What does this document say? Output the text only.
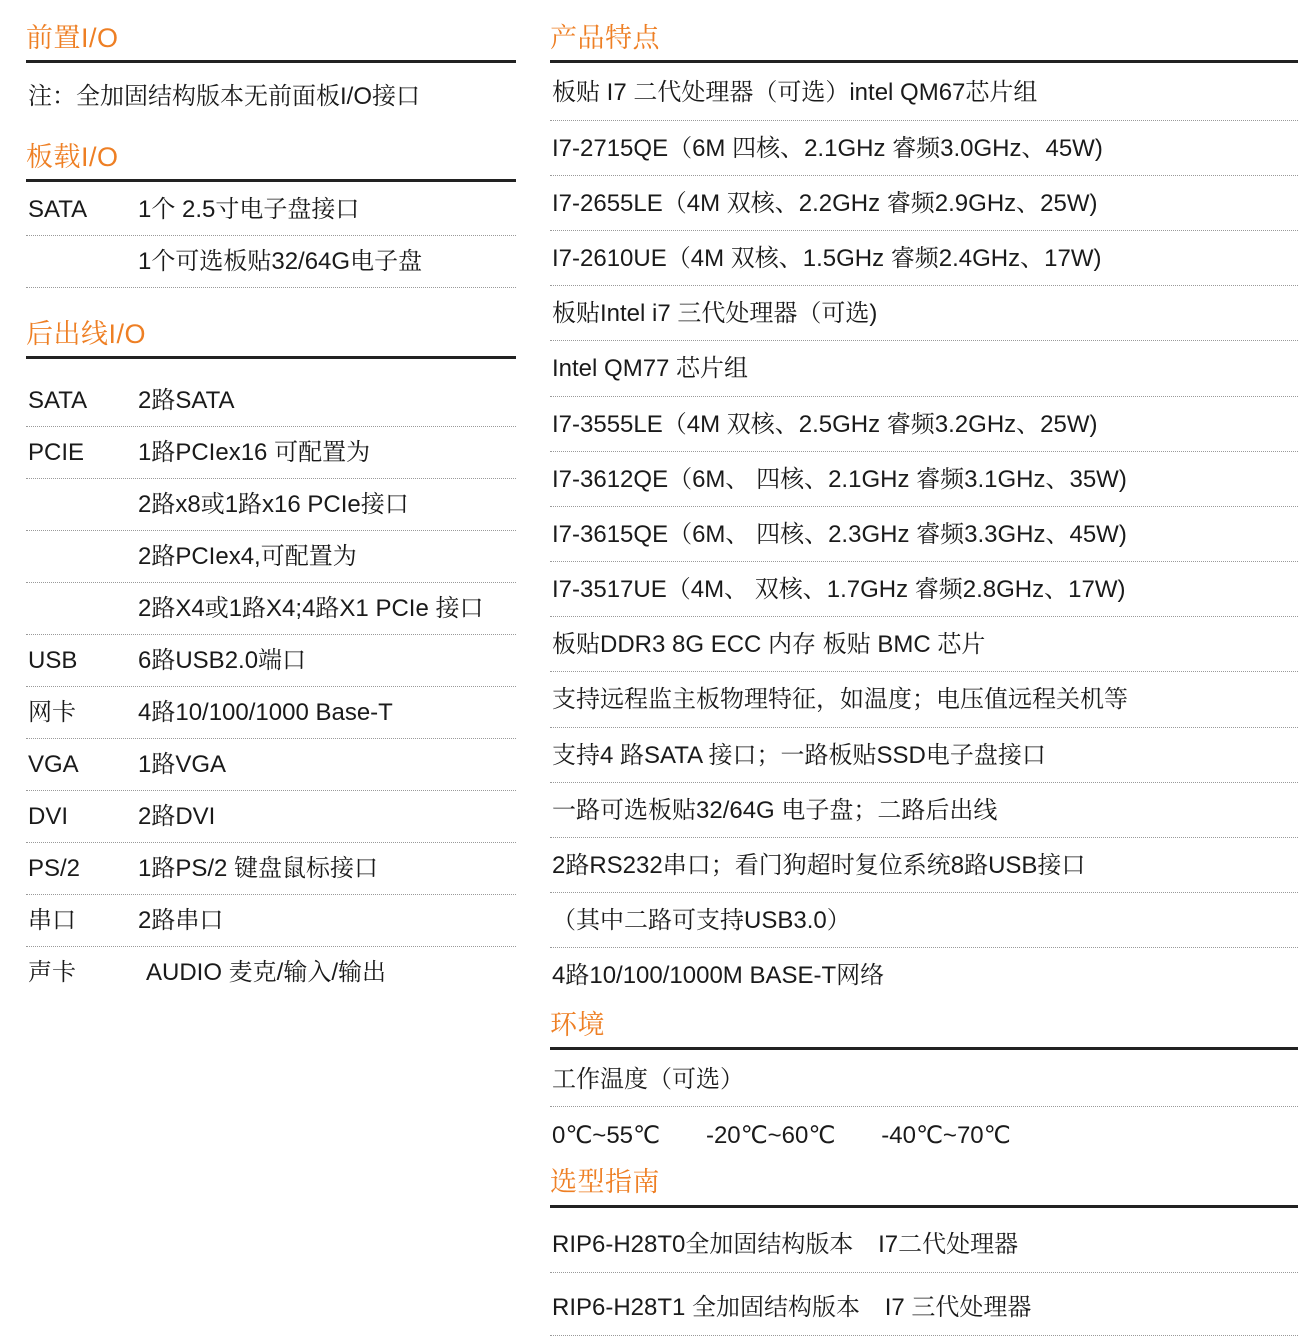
前置I/O
注：全加固结构版本无前面板I/O接口
板载I/O
SATA	1个 2.5寸电子盘接口
1个可选板贴32/64G电子盘
后出线I/O
SATA	2路SATA
PCIE	1路PCIex16 可配置为
2路x8或1路x16 PCIe接口
2路PCIex4,可配置为
2路X4或1路X4;4路X1 PCIe 接口
USB	6路USB2.0端口
网卡	4路10/100/1000 Base-T
VGA	1路VGA
DVI	2路DVI
PS/2	1路PS/2 键盘鼠标接口
串口	2路串口
声卡	AUDIO 麦克/输入/输出
产品特点
板贴 I7 二代处理器（可选）intel QM67芯片组
I7-2715QE（6M 四核、2.1GHz 睿频3.0GHz、45W)
I7-2655LE（4M 双核、2.2GHz 睿频2.9GHz、25W)
I7-2610UE（4M 双核、1.5GHz 睿频2.4GHz、17W)
板贴Intel i7 三代处理器（可选)
Intel QM77 芯片组
I7-3555LE（4M 双核、2.5GHz 睿频3.2GHz、25W)
I7-3612QE（6M、 四核、2.1GHz 睿频3.1GHz、35W)
I7-3615QE（6M、 四核、2.3GHz 睿频3.3GHz、45W)
I7-3517UE（4M、 双核、1.7GHz 睿频2.8GHz、17W)
板贴DDR3 8G ECC 内存 板贴 BMC 芯片
支持远程监主板物理特征，如温度；电压值远程关机等
支持4 路SATA 接口；一路板贴SSD电子盘接口
一路可选板贴32/64G 电子盘；二路后出线
2路RS232串口；看门狗超时复位系统8路USB接口
（其中二路可支持USB3.0）
4路10/100/1000M BASE-T网络
环境
工作温度（可选）
0℃~55℃ -20℃~60℃ -40℃~70℃
选型指南
RIP6-H28T0全加固结构版本 I7二代处理器
RIP6-H28T1 全加固结构版本 I7 三代处理器
